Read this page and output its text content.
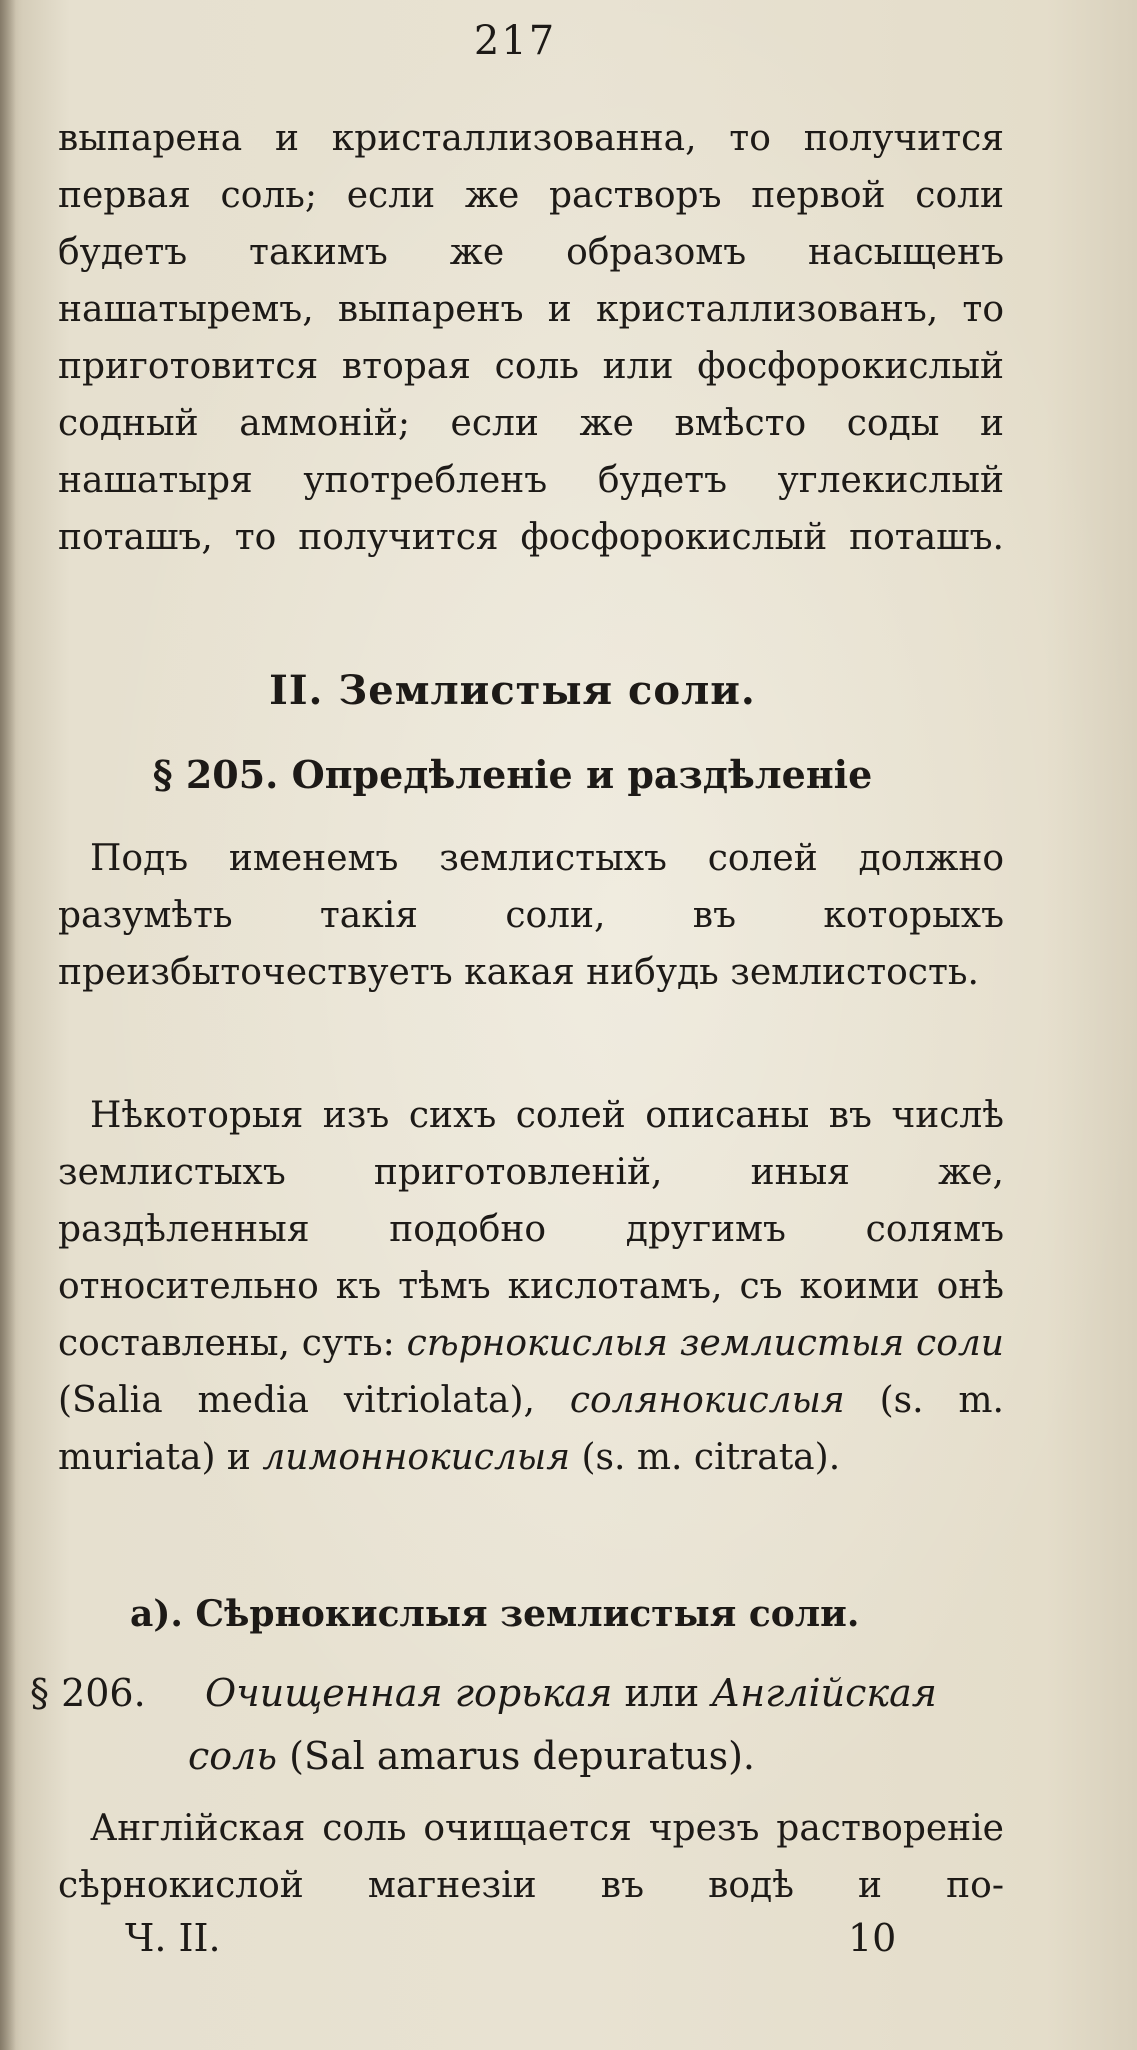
217

выпарена и кристаллизованна, то получится первая соль; если же растворъ первой соли будетъ такимъ же образомъ насыщенъ нашатыремъ, выпаренъ и кристаллизованъ, то приготовится вторая соль или фосфорокислый содный аммоній; если же вмѣсто соды и нашатыря употребленъ будетъ углекислый поташъ, то получится фосфорокислый поташъ.

II. Землистыя соли.
§ 205. Опредѣленіе и раздѣленіе

Подъ именемъ землистыхъ солей должно разумѣть такія соли, въ которыхъ преизбыточествуетъ какая нибудь землистость.

Нѣкоторыя изъ сихъ солей описаны въ числѣ землистыхъ приготовленій, иныя же, раздѣленныя подобно другимъ солямъ относительно къ тѣмъ кислотамъ, съ коими онѣ составлены, суть: сѣрнокислыя землистыя соли (Salia media vitriolata), солянокислыя (s. m. muriata) и лимоннокислыя (s. m. citrata).

a). Сѣрнокислыя землистыя соли.
§ 206. Очищенная горькая или Англійская

соль (Sal amarus depuratus).

Англійская соль очищается чрезъ раствореніе сѣрнокислой магнезіи въ водѣ и по-

Ч. II.	10
